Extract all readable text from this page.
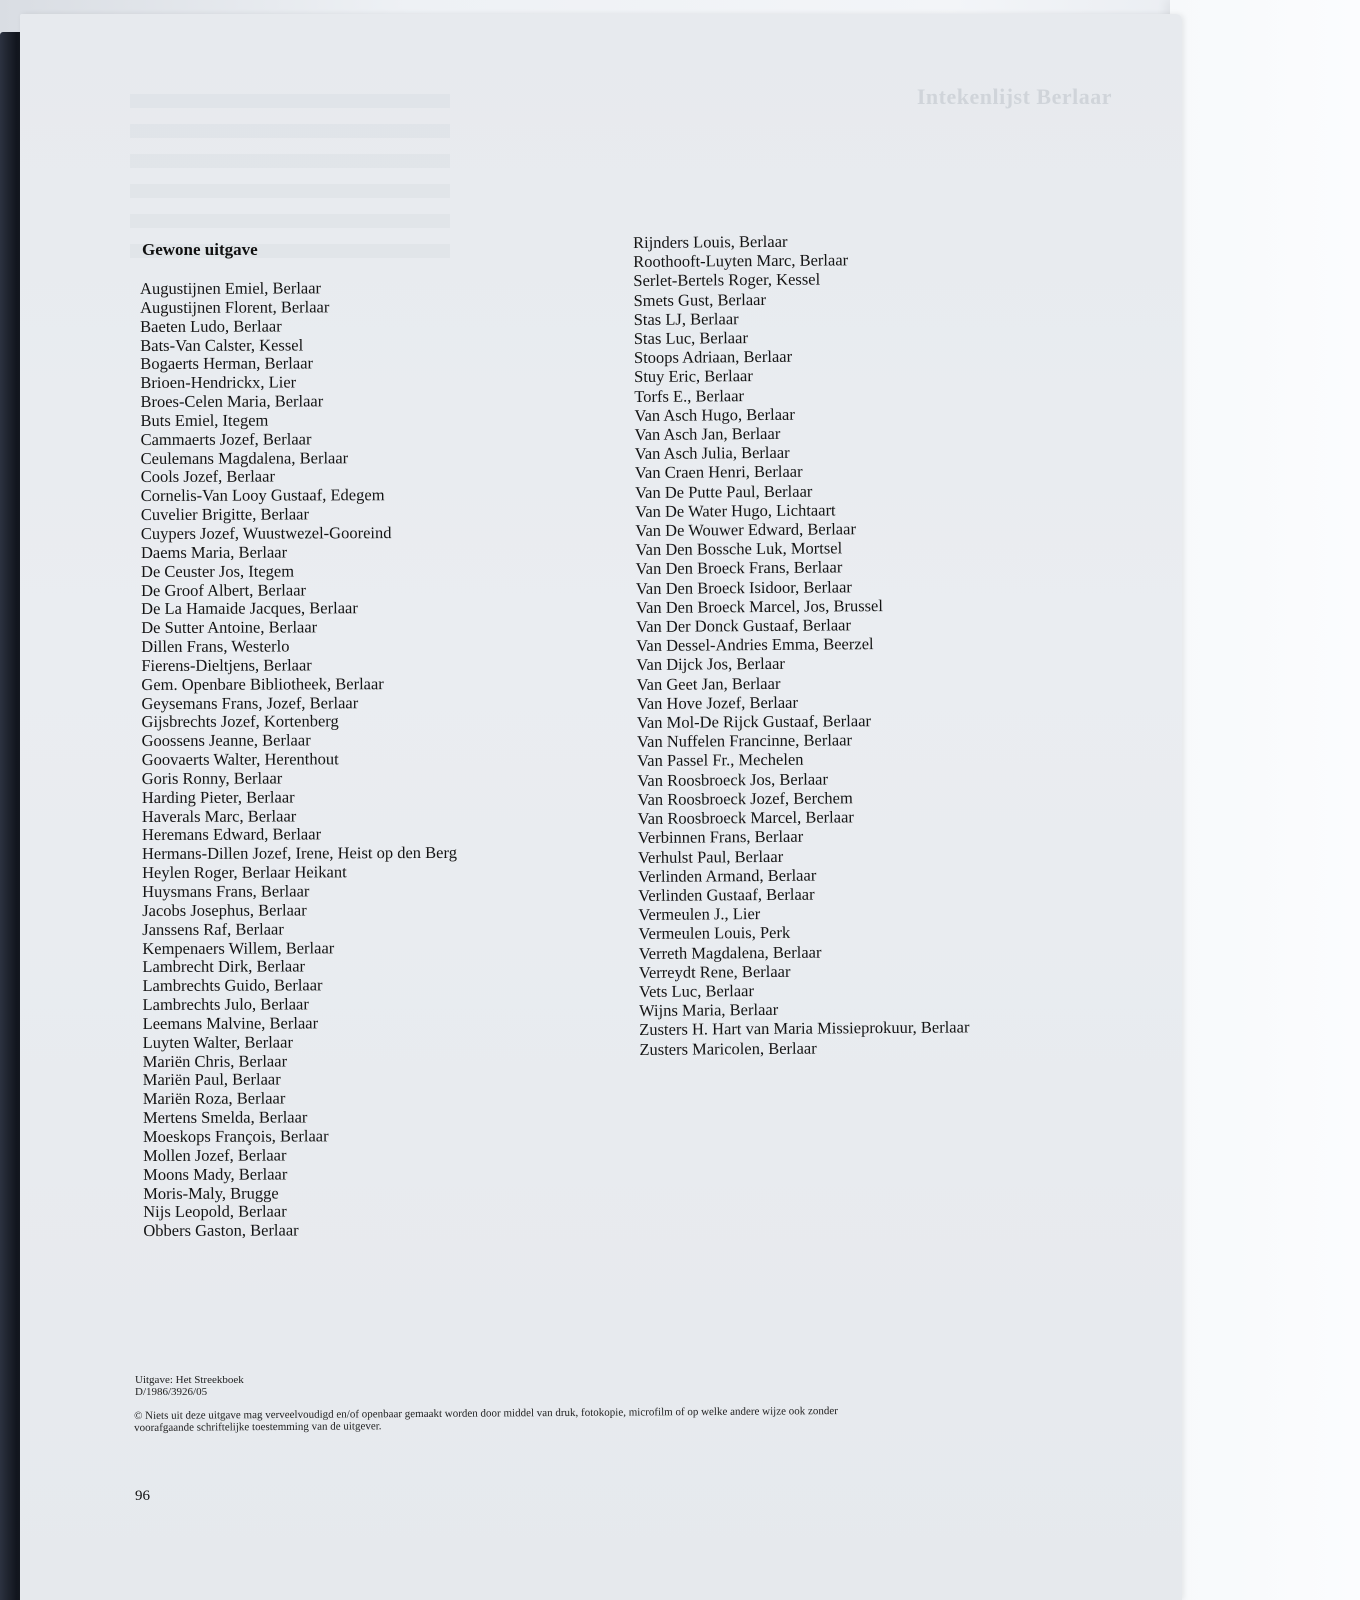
Intekenlijst Berlaar
Gewone uitgave
Augustijnen Emiel, Berlaar
Augustijnen Florent, Berlaar
Baeten Ludo, Berlaar
Bats-Van Calster, Kessel
Bogaerts Herman, Berlaar
Brioen-Hendrickx, Lier
Broes-Celen Maria, Berlaar
Buts Emiel, Itegem
Cammaerts Jozef, Berlaar
Ceulemans Magdalena, Berlaar
Cools Jozef, Berlaar
Cornelis-Van Looy Gustaaf, Edegem
Cuvelier Brigitte, Berlaar
Cuypers Jozef, Wuustwezel-Gooreind
Daems Maria, Berlaar
De Ceuster Jos, Itegem
De Groof Albert, Berlaar
De La Hamaide Jacques, Berlaar
De Sutter Antoine, Berlaar
Dillen Frans, Westerlo
Fierens-Dieltjens, Berlaar
Gem. Openbare Bibliotheek, Berlaar
Geysemans Frans, Jozef, Berlaar
Gijsbrechts Jozef, Kortenberg
Goossens Jeanne, Berlaar
Goovaerts Walter, Herenthout
Goris Ronny, Berlaar
Harding Pieter, Berlaar
Haverals Marc, Berlaar
Heremans Edward, Berlaar
Hermans-Dillen Jozef, Irene, Heist op den Berg
Heylen Roger, Berlaar Heikant
Huysmans Frans, Berlaar
Jacobs Josephus, Berlaar
Janssens Raf, Berlaar
Kempenaers Willem, Berlaar
Lambrecht Dirk, Berlaar
Lambrechts Guido, Berlaar
Lambrechts Julo, Berlaar
Leemans Malvine, Berlaar
Luyten Walter, Berlaar
Mariën Chris, Berlaar
Mariën Paul, Berlaar
Mariën Roza, Berlaar
Mertens Smelda, Berlaar
Moeskops François, Berlaar
Mollen Jozef, Berlaar
Moons Mady, Berlaar
Moris-Maly, Brugge
Nijs Leopold, Berlaar
Obbers Gaston, Berlaar
Rijnders Louis, Berlaar
Roothooft-Luyten Marc, Berlaar
Serlet-Bertels Roger, Kessel
Smets Gust, Berlaar
Stas LJ, Berlaar
Stas Luc, Berlaar
Stoops Adriaan, Berlaar
Stuy Eric, Berlaar
Torfs E., Berlaar
Van Asch Hugo, Berlaar
Van Asch Jan, Berlaar
Van Asch Julia, Berlaar
Van Craen Henri, Berlaar
Van De Putte Paul, Berlaar
Van De Water Hugo, Lichtaart
Van De Wouwer Edward, Berlaar
Van Den Bossche Luk, Mortsel
Van Den Broeck Frans, Berlaar
Van Den Broeck Isidoor, Berlaar
Van Den Broeck Marcel, Jos, Brussel
Van Der Donck Gustaaf, Berlaar
Van Dessel-Andries Emma, Beerzel
Van Dijck Jos, Berlaar
Van Geet Jan, Berlaar
Van Hove Jozef, Berlaar
Van Mol-De Rijck Gustaaf, Berlaar
Van Nuffelen Francinne, Berlaar
Van Passel Fr., Mechelen
Van Roosbroeck Jos, Berlaar
Van Roosbroeck Jozef, Berchem
Van Roosbroeck Marcel, Berlaar
Verbinnen Frans, Berlaar
Verhulst Paul, Berlaar
Verlinden Armand, Berlaar
Verlinden Gustaaf, Berlaar
Vermeulen J., Lier
Vermeulen Louis, Perk
Verreth Magdalena, Berlaar
Verreydt Rene, Berlaar
Vets Luc, Berlaar
Wijns Maria, Berlaar
Zusters H. Hart van Maria Missieprokuur, Berlaar
Zusters Maricolen, Berlaar
Uitgave: Het Streekboek
D/1986/3926/05
© Niets uit deze uitgave mag verveelvoudigd en/of openbaar gemaakt worden door middel van druk, fotokopie, microfilm of op welke andere wijze ook zonder voorafgaande schriftelijke toestemming van de uitgever.
96
